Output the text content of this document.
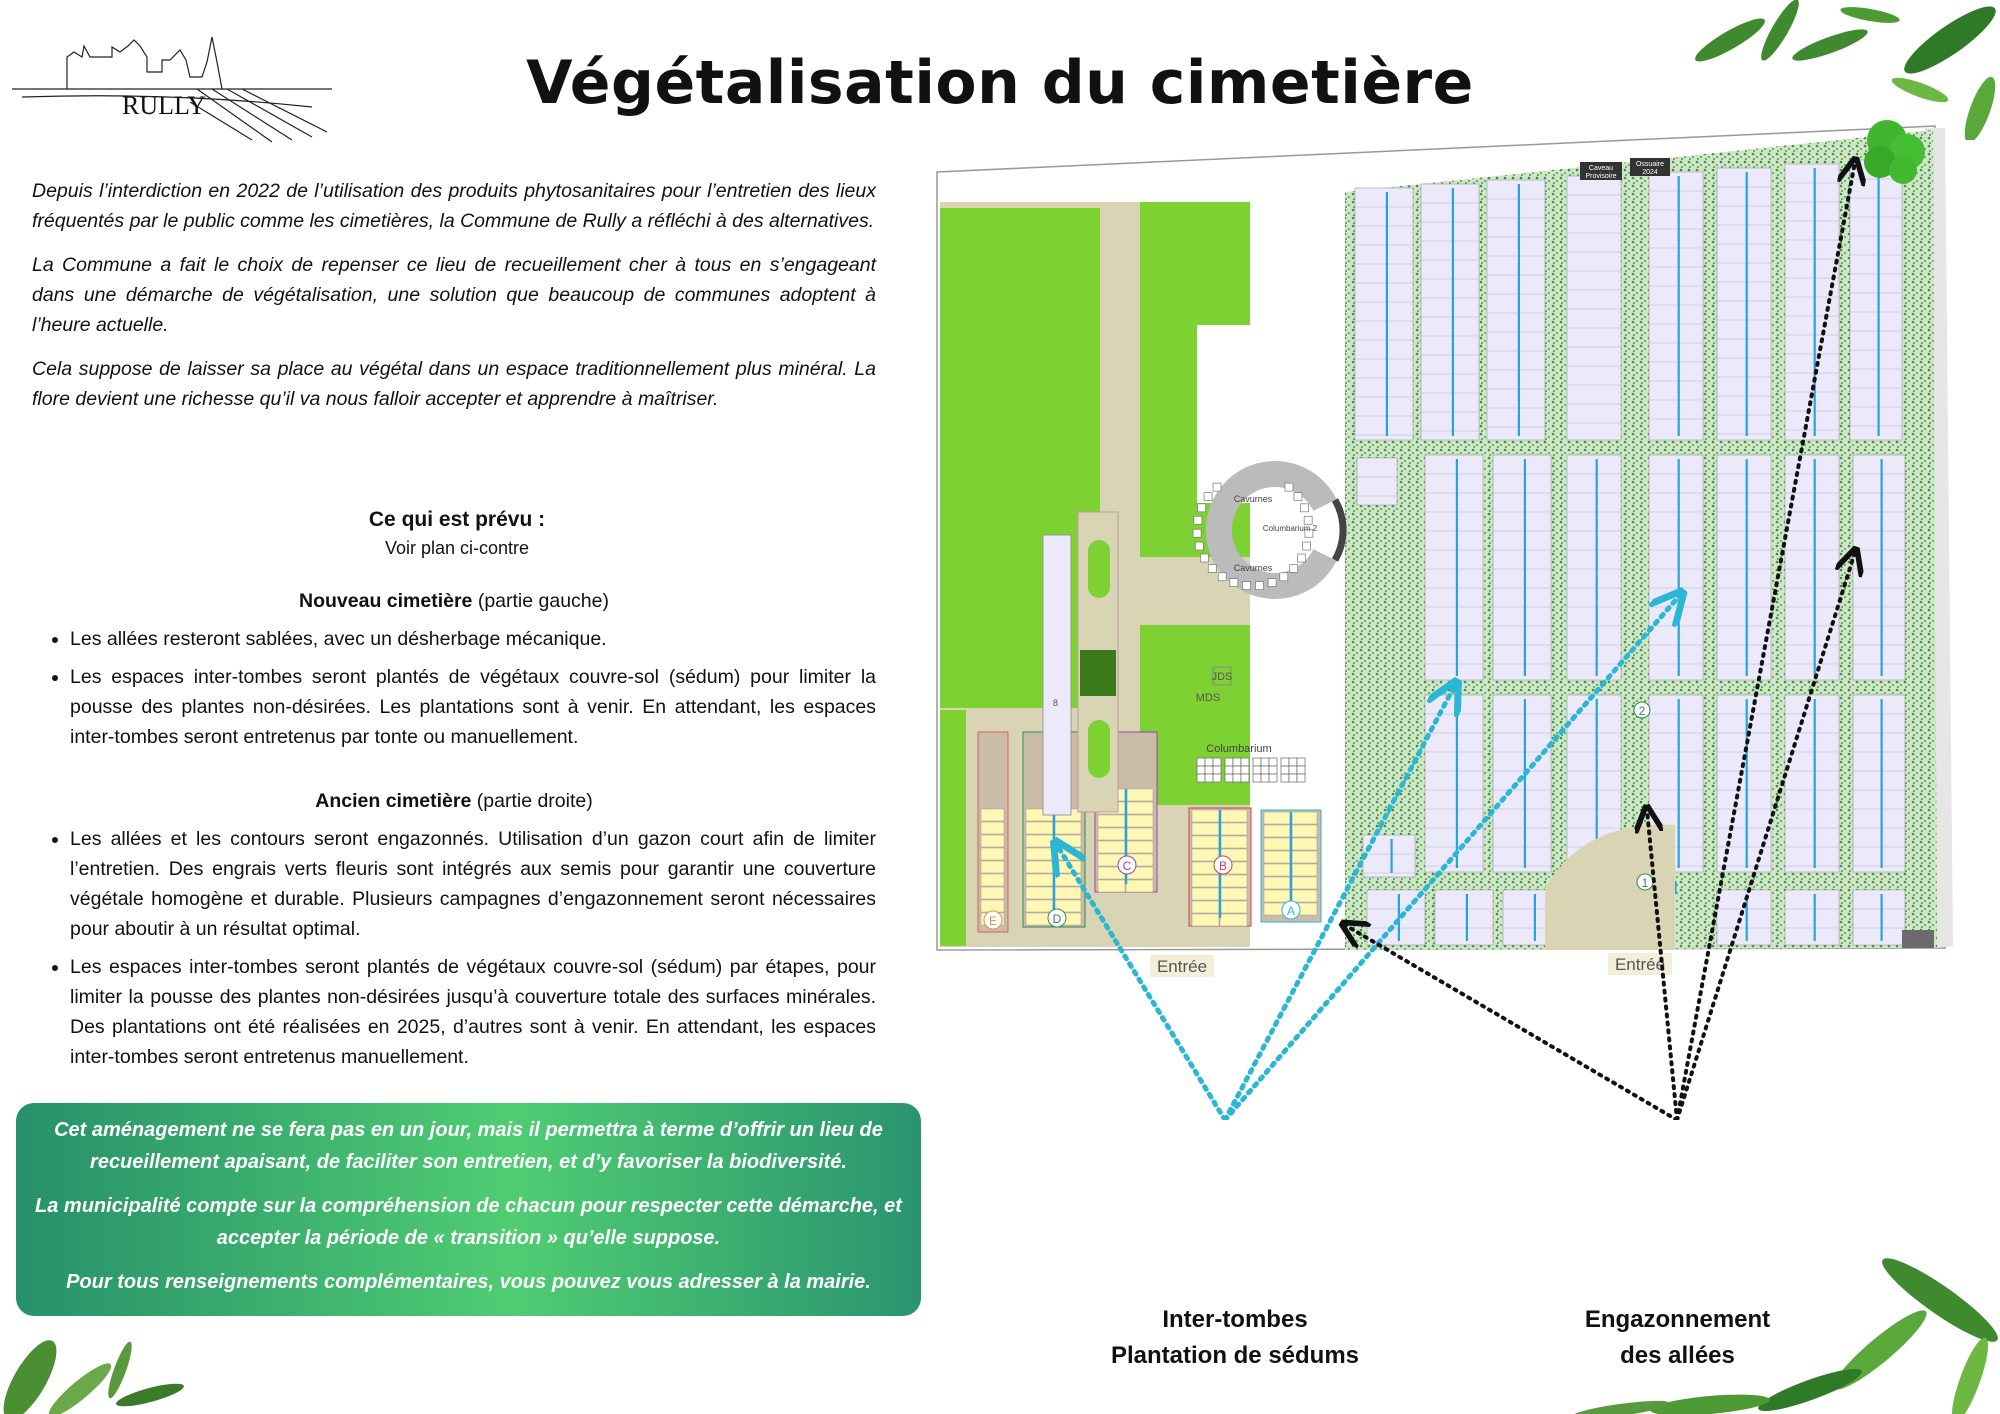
RULLY	Végétalisation du cimetière

Depuis l’interdiction en 2022 de l’utilisation des produits phytosanitaires pour l’entretien des lieux fréquentés par le public comme les cimetières, la Commune de Rully a réfléchi à des alternatives.

La Commune a fait le choix de repenser ce lieu de recueillement cher à tous en s’engageant dans une démarche de végétalisation, une solution que beaucoup de communes adoptent à l’heure actuelle.

Cela suppose de laisser sa place au végétal dans un espace traditionnellement plus minéral. La flore devient une richesse qu’il va nous falloir accepter et apprendre à maîtriser.

Ce qui est prévu :
Voir plan ci-contre
Nouveau cimetière (partie gauche)
• Les allées resteront sablées, avec un désherbage mécanique.
• Les espaces inter-tombes seront plantés de végétaux couvre-sol (sédum) pour limiter la pousse des plantes non-désirées. Les plantations sont à venir. En attendant, les espaces inter-tombes seront entretenus par tonte ou manuellement.
Ancien cimetière (partie droite)
• Les allées et les contours seront engazonnés. Utilisation d’un gazon court afin de limiter l’entretien. Des engrais verts fleuris sont intégrés aux semis pour garantir une couverture végétale homogène et durable. Plusieurs campagnes d’engazonnement seront nécessaires pour aboutir à un résultat optimal.
• Les espaces inter-tombes seront plantés de végétaux couvre-sol (sédum) par étapes, pour limiter la pousse des plantes non-désirées jusqu’à couverture totale des surfaces minérales. Des plantations ont été réalisées en 2025, d’autres sont à venir. En attendant, les espaces inter-tombes seront entretenus manuellement.

Cet aménagement ne se fera pas en un jour, mais il permettra à terme d’offrir un lieu de recueillement apaisant, de faciliter son entretien, et d’y favoriser la biodiversité.

La municipalité compte sur la compréhension de chacun pour respecter cette démarche, et accepter la période de « transition » qu’elle suppose.

Pour tous renseignements complémentaires, vous pouvez vous adresser à la mairie.

Cavurnes
Columbarium 2
Cavurnes
JDS
MDS
Columbarium
8
Caveau
Provisoire
Ossuaire
2024
Entrée	Entrée
E	D
C	B
A
1
2
Inter-tombes
Plantation de sédums
Engazonnement
des allées
